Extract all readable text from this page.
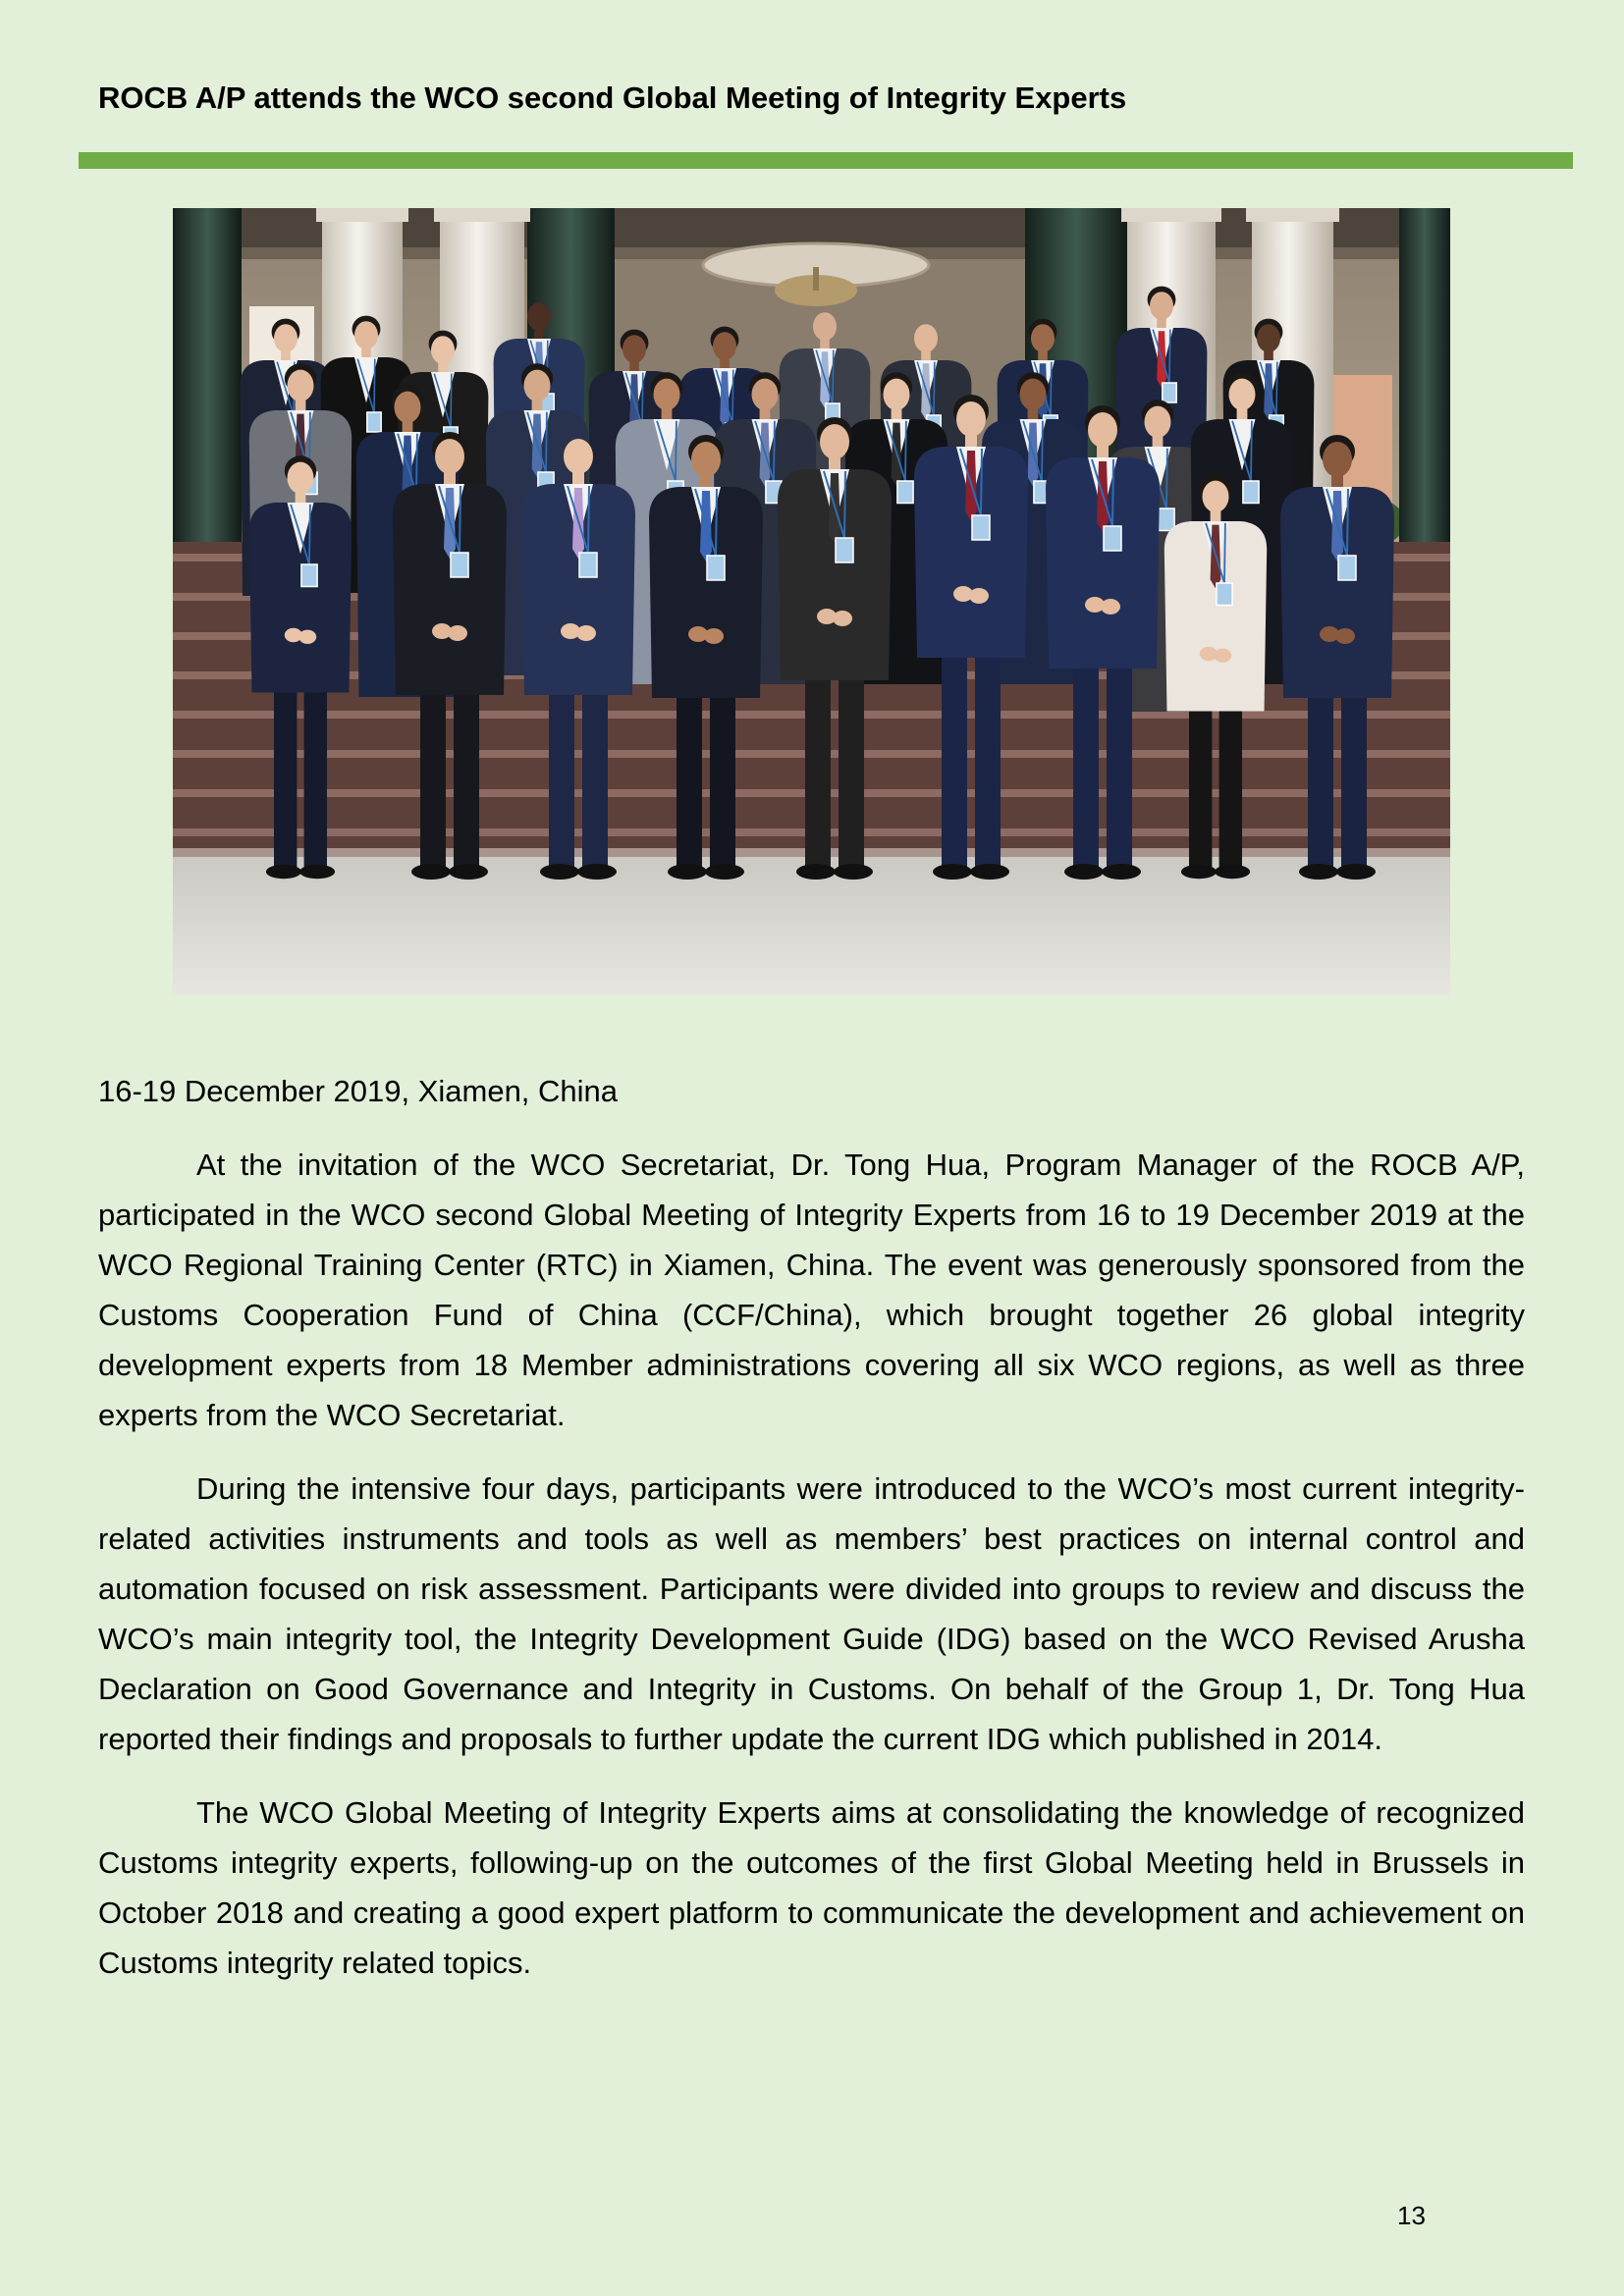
ROCB A/P attends the WCO second Global Meeting of Integrity Experts
16-19 December 2019, Xiamen, China

At the invitation of the WCO Secretariat, Dr. Tong Hua, Program Manager of the ROCB A/P, participated in the WCO second Global Meeting of Integrity Experts from 16 to 19 December 2019 at the WCO Regional Training Center (RTC) in Xiamen, China. The event was generously sponsored from the Customs Cooperation Fund of China (CCF/China), which brought together 26 global integrity development experts from 18 Member administrations covering all six WCO regions, as well as three experts from the WCO Secretariat.

During the intensive four days, participants were introduced to the WCO’s most current integrity-related activities instruments and tools as well as members’ best practices on internal control and automation focused on risk assessment. Participants were divided into groups to review and discuss the WCO’s main integrity tool, the Integrity Development Guide (IDG) based on the WCO Revised Arusha Declaration on Good Governance and Integrity in Customs. On behalf of the Group 1, Dr. Tong Hua reported their findings and proposals to further update the current IDG which published in 2014.

The WCO Global Meeting of Integrity Experts aims at consolidating the knowledge of recognized Customs integrity experts, following-up on the outcomes of the first Global Meeting held in Brussels in October 2018 and creating a good expert platform to communicate the development and achievement on Customs integrity related topics.

13
